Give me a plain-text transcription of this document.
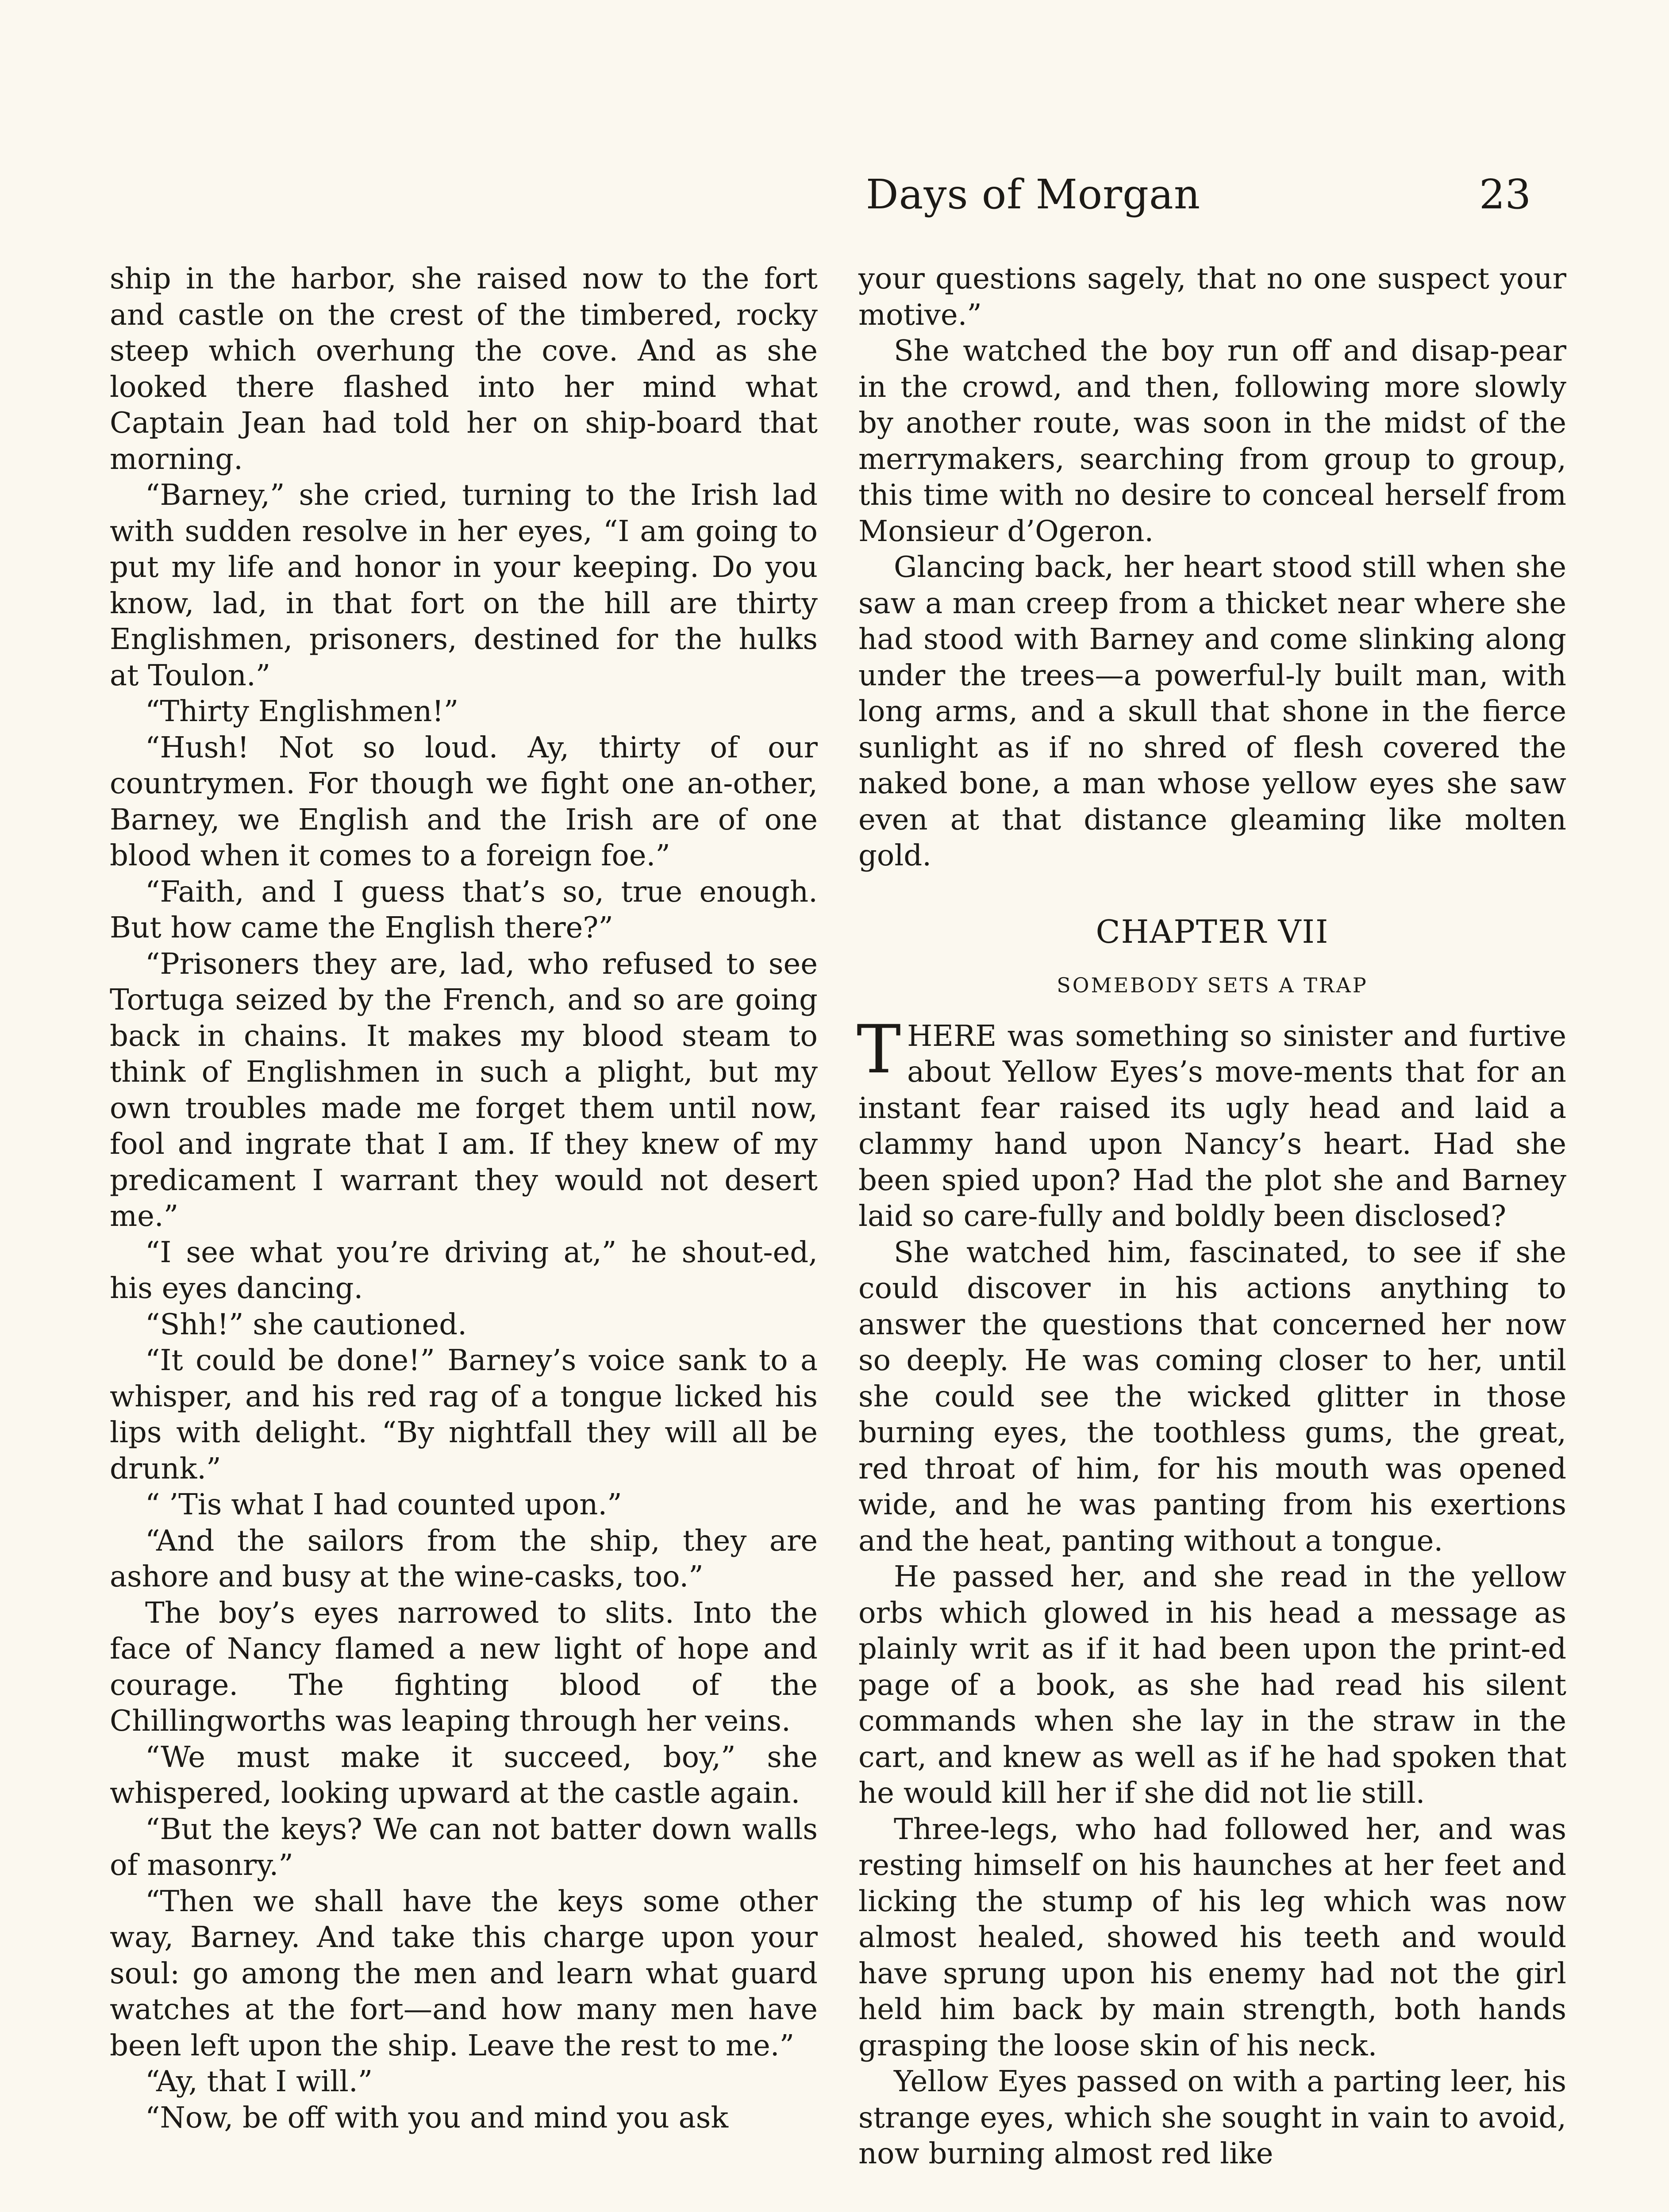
Days of Morgan	23

ship in the harbor, she raised now to the fort and castle on the crest of the timbered, rocky steep which overhung the cove. And as she looked there flashed into her mind what Captain Jean had told her on ship-board that morning.

“Barney,” she cried, turning to the Irish lad with sudden resolve in her eyes, “I am going to put my life and honor in your keeping. Do you know, lad, in that fort on the hill are thirty Englishmen, prisoners, destined for the hulks at Toulon.”

“Thirty Englishmen!”

“Hush! Not so loud. Ay, thirty of our countrymen. For though we fight one an-other, Barney, we English and the Irish are of one blood when it comes to a foreign foe.”

“Faith, and I guess that’s so, true enough. But how came the English there?”

“Prisoners they are, lad, who refused to see Tortuga seized by the French, and so are going back in chains. It makes my blood steam to think of Englishmen in such a plight, but my own troubles made me forget them until now, fool and ingrate that I am. If they knew of my predicament I warrant they would not desert me.”

“I see what you’re driving at,” he shout-ed, his eyes dancing.

“Shh!” she cautioned.

“It could be done!” Barney’s voice sank to a whisper, and his red rag of a tongue licked his lips with delight. “By nightfall they will all be drunk.”

“ ’Tis what I had counted upon.”

“And the sailors from the ship, they are ashore and busy at the wine-casks, too.”

The boy’s eyes narrowed to slits. Into the face of Nancy flamed a new light of hope and courage. The fighting blood of the Chillingworths was leaping through her veins.

“We must make it succeed, boy,” she whispered, looking upward at the castle again.

“But the keys? We can not batter down walls of masonry.”

“Then we shall have the keys some other way, Barney. And take this charge upon your soul: go among the men and learn what guard watches at the fort—and how many men have been left upon the ship. Leave the rest to me.”

“Ay, that I will.”

“Now, be off with you and mind you ask

your questions sagely, that no one suspect your motive.”

She watched the boy run off and disap-pear in the crowd, and then, following more slowly by another route, was soon in the midst of the merrymakers, searching from group to group, this time with no desire to conceal herself from Monsieur d’Ogeron.

Glancing back, her heart stood still when she saw a man creep from a thicket near where she had stood with Barney and come slinking along under the trees—a powerful-ly built man, with long arms, and a skull that shone in the fierce sunlight as if no shred of flesh covered the naked bone, a man whose yellow eyes she saw even at that distance gleaming like molten gold.

CHAPTER VII
SOMEBODY SETS A TRAP

THERE was something so sinister and furtive about Yellow Eyes’s move-ments that for an instant fear raised its ugly head and laid a clammy hand upon Nancy’s heart. Had she been spied upon? Had the plot she and Barney laid so care-fully and boldly been disclosed?

She watched him, fascinated, to see if she could discover in his actions anything to answer the questions that concerned her now so deeply. He was coming closer to her, until she could see the wicked glitter in those burning eyes, the toothless gums, the great, red throat of him, for his mouth was opened wide, and he was panting from his exertions and the heat, panting without a tongue.

He passed her, and she read in the yellow orbs which glowed in his head a message as plainly writ as if it had been upon the print-ed page of a book, as she had read his silent commands when she lay in the straw in the cart, and knew as well as if he had spoken that he would kill her if she did not lie still.

Three-legs, who had followed her, and was resting himself on his haunches at her feet and licking the stump of his leg which was now almost healed, showed his teeth and would have sprung upon his enemy had not the girl held him back by main strength, both hands grasping the loose skin of his neck.

Yellow Eyes passed on with a parting leer, his strange eyes, which she sought in vain to avoid, now burning almost red like
